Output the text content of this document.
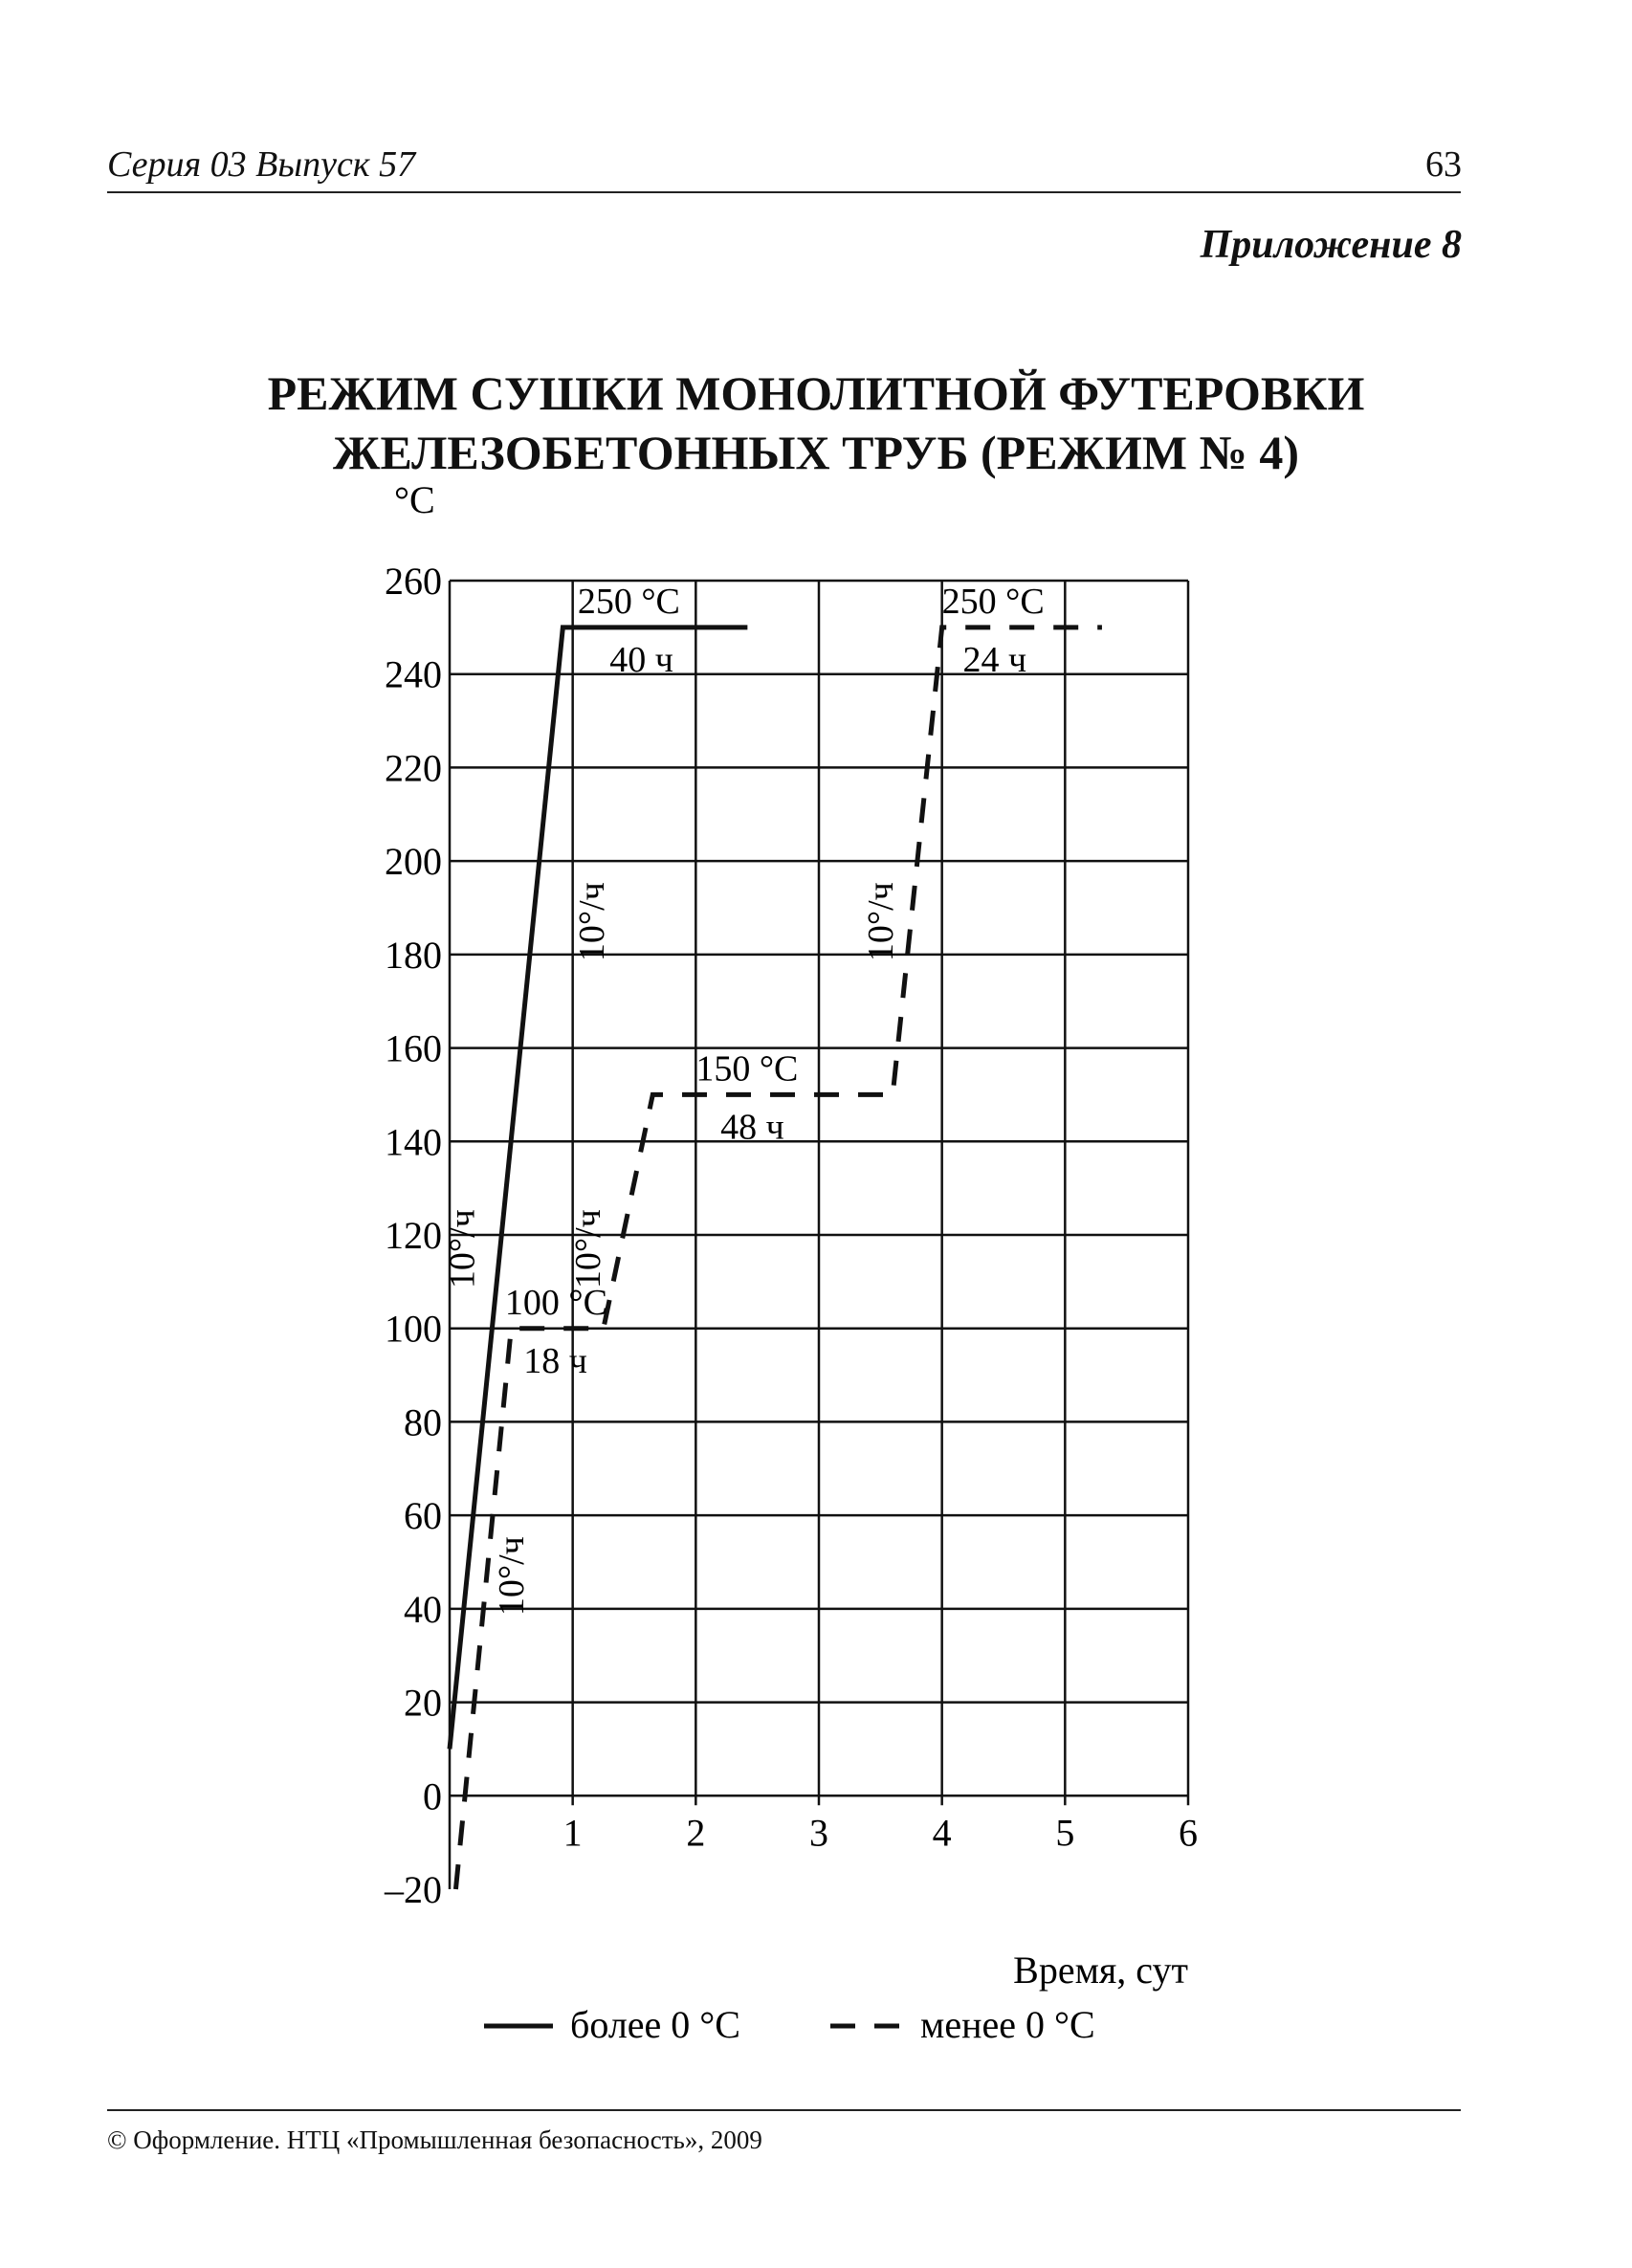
Серия 03 Выпуск 57	63
Приложение 8
РЕЖИМ СУШКИ МОНОЛИТНОЙ ФУТЕРОВКИ
ЖЕЛЕЗОБЕТОННЫХ ТРУБ (РЕЖИМ № 4)
260
240
220
200
180
160
140
120
100
80
60
40
20
0
–20
1	2	3	4	5	6
250 °С
40 ч
250 °С
24 ч
150 °С
48 ч
100 °С
18 ч
10°/ч	10°/ч
10°/ч
10°/ч
10°/ч
°C
Время, сут
более 0 °С	менее 0 °С
© Оформление. НТЦ «Промышленная безопасность», 2009
